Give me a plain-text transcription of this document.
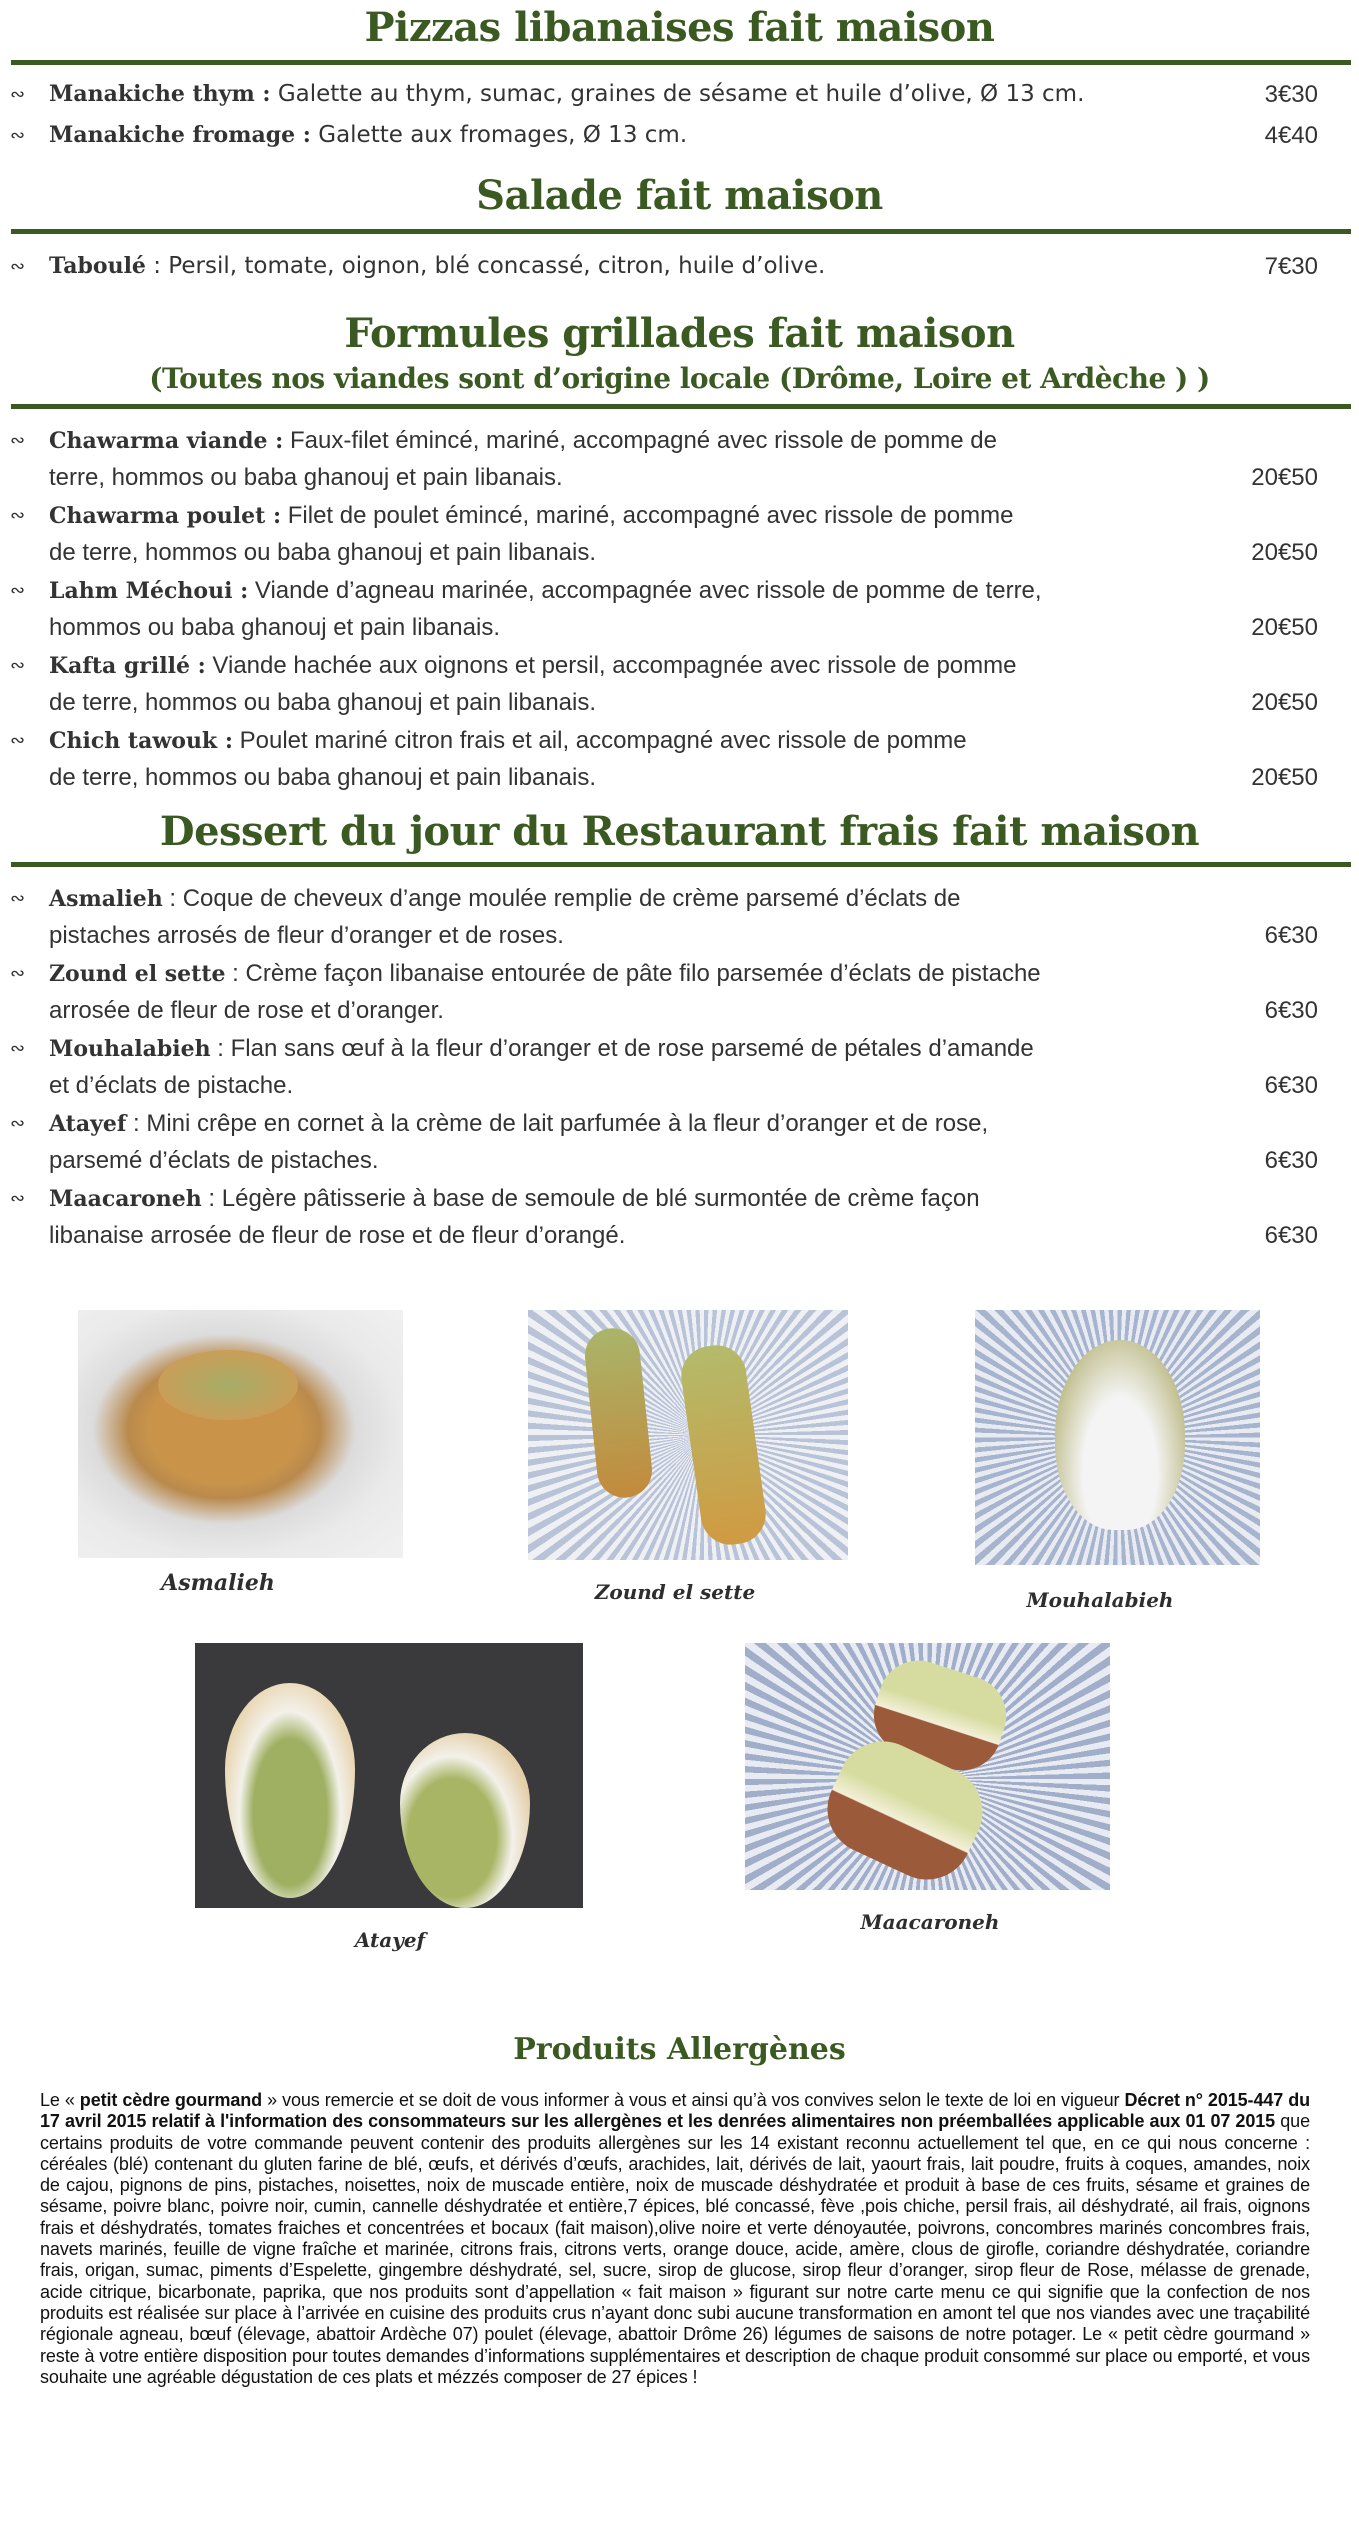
Pizzas libanaises fait maison
∾ Manakiche thym : Galette au thym, sumac, graines de sésame et huile d’olive, Ø 13 cm.	3€30
∾ Manakiche fromage : Galette aux fromages, Ø 13 cm.	4€40
Salade fait maison
∾ Taboulé : Persil, tomate, oignon, blé concassé, citron, huile d’olive.	7€30
Formules grillades fait maison
(Toutes nos viandes sont d’origine locale (Drôme, Loire et Ardèche ) )
∾ Chawarma viande : Faux-filet émincé, mariné, accompagné avec rissole de pomme de
terre, hommos ou baba ghanouj et pain libanais.	20€50
∾ Chawarma poulet : Filet de poulet émincé, mariné, accompagné avec rissole de pomme
de terre, hommos ou baba ghanouj et pain libanais.	20€50
∾ Lahm Méchoui : Viande d’agneau marinée, accompagnée avec rissole de pomme de terre,
hommos ou baba ghanouj et pain libanais.	20€50
∾ Kafta grillé : Viande hachée aux oignons et persil, accompagnée avec rissole de pomme
de terre, hommos ou baba ghanouj et pain libanais.	20€50
∾ Chich tawouk : Poulet mariné citron frais et ail, accompagné avec rissole de pomme
de terre, hommos ou baba ghanouj et pain libanais.	20€50
Dessert du jour du Restaurant frais fait maison
∾ Asmalieh : Coque de cheveux d’ange moulée remplie de crème parsemé d’éclats de
pistaches arrosés de fleur d’oranger et de roses.	6€30
∾ Zound el sette : Crème façon libanaise entourée de pâte filo parsemée d’éclats de pistache
arrosée de fleur de rose et d’oranger.	6€30
∾ Mouhalabieh : Flan sans œuf à la fleur d’oranger et de rose parsemé de pétales d’amande
et d’éclats de pistache.	6€30
∾ Atayef : Mini crêpe en cornet à la crème de lait parfumée à la fleur d’oranger et de rose,
parsemé d’éclats de pistaches.	6€30
∾ Maacaroneh : Légère pâtisserie à base de semoule de blé surmontée de crème façon
libanaise arrosée de fleur de rose et de fleur d’orangé.	6€30
Asmalieh	Zound el sette	Mouhalabieh
Atayef
Maacaroneh
Produits Allergènes
Le « petit cèdre gourmand » vous remercie et se doit de vous informer à vous et ainsi qu’à vos convives selon le texte de loi en vigueur Décret n° 2015-447 du 17 avril 2015 relatif à l'information des consommateurs sur les allergènes et les denrées alimentaires non préemballées applicable aux 01 07 2015 que certains produits de votre commande peuvent contenir des produits allergènes sur les 14 existant reconnu actuellement tel que, en ce qui nous concerne : céréales (blé) contenant du gluten farine de blé, œufs, et dérivés d’œufs, arachides, lait, dérivés de lait, yaourt frais, lait poudre, fruits à coques, amandes, noix de cajou, pignons de pins, pistaches, noisettes, noix de muscade entière, noix de muscade déshydratée et produit à base de ces fruits, sésame et graines de sésame, poivre blanc, poivre noir, cumin, cannelle déshydratée et entière,7 épices, blé concassé, fève ,pois chiche, persil frais, ail déshydraté, ail frais, oignons frais et déshydratés, tomates fraiches et concentrées et bocaux (fait maison),olive noire et verte dénoyautée, poivrons, concombres marinés concombres frais, navets marinés, feuille de vigne fraîche et marinée, citrons frais, citrons verts, orange douce, acide, amère, clous de girofle, coriandre déshydratée, coriandre frais, origan, sumac, piments d’Espelette, gingembre déshydraté, sel, sucre, sirop de glucose, sirop fleur d’oranger, sirop fleur de Rose, mélasse de grenade, acide citrique, bicarbonate, paprika, que nos produits sont d’appellation « fait maison » figurant sur notre carte menu ce qui signifie que la confection de nos produits est réalisée sur place à l’arrivée en cuisine des produits crus n’ayant donc subi aucune transformation en amont tel que nos viandes avec une traçabilité régionale agneau, bœuf (élevage, abattoir Ardèche 07) poulet (élevage, abattoir Drôme 26) légumes de saisons de notre potager. Le « petit cèdre gourmand » reste à votre entière disposition pour toutes demandes d’informations supplémentaires et description de chaque produit consommé sur place ou emporté, et vous souhaite une agréable dégustation de ces plats et mézzés composer de 27 épices !
